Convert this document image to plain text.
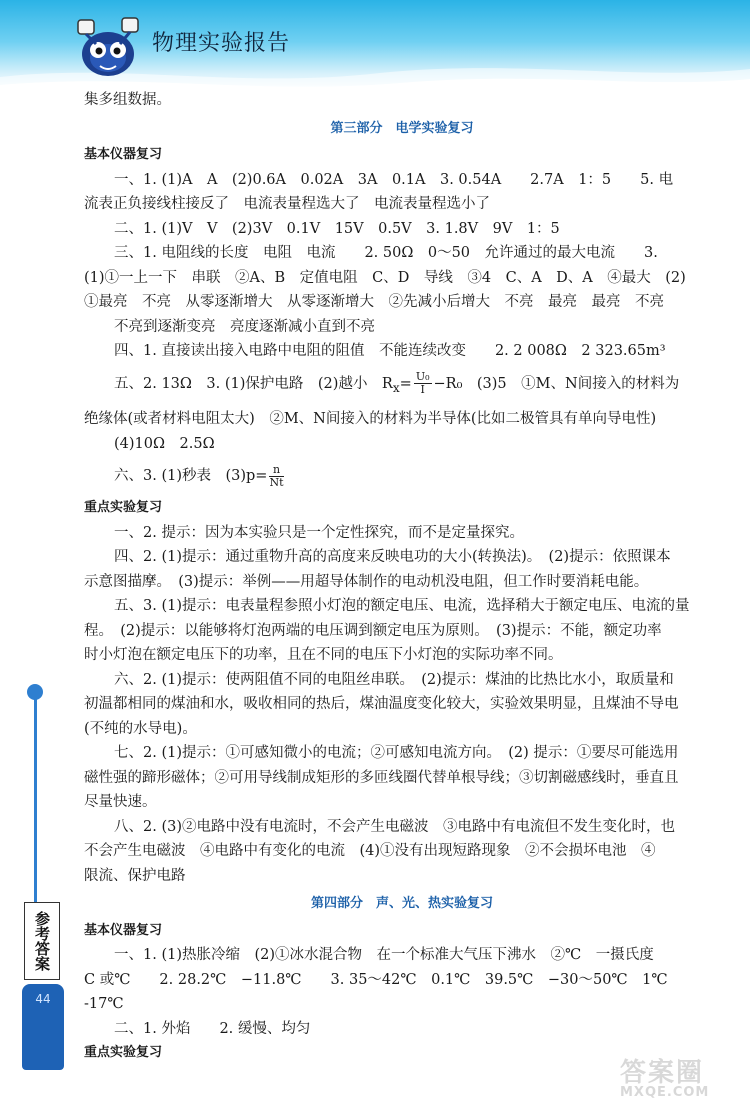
物理实验报告
集多组数据。
第三部分　电学实验复习
基本仪器复习
一、1. (1)A　A　(2)0.6A　0.02A　3A　0.1A　3. 0.54A　　2.7A　1：5　　5. 电
流表正负接线柱接反了　电流表量程选大了　电流表量程选小了
二、1. (1)V　V　(2)3V　0.1V　15V　0.5V　3. 1.8V　9V　1：5
三、1. 电阻线的长度　电阻　电流　　2. 50Ω　0～50　允许通过的最大电流　　3.
(1)①一上一下　串联　②A、B　定值电阻　C、D　导线　③4　C、A　D、A　④最大　(2)
①最亮　不亮　从零逐渐增大　从零逐渐增大　②先减小后增大　不亮　最亮　最亮　不亮
不亮到逐渐变亮　亮度逐渐减小直到不亮
四、1. 直接读出接入电路中电阻的阻值　不能连续改变　　2. 2 008Ω　2 323.65m³
五、2. 13Ω　3. (1)保护电路　(2)越小　$R_x= \frac{\text{U₀}}{I} -R_0$　(3)5　①M、N间接入的材料为
绝缘体(或者材料电阻太大)　②M、N间接入的材料为半导体(比如二极管具有单向导电性)
(4)10Ω　2.5Ω
六、3. (1)秒表　$(3)p= \frac{n}{Nt}$
重点实验复习
一、2. 提示：因为本实验只是一个定性探究，而不是定量探究。
四、2. (1)提示：通过重物升高的高度来反映电功的大小(转换法)。　(2)提示：依照课本
示意图描摩。　(3)提示：举例——用超导体制作的电动机没电阻，但工作时要消耗电能。
五、3. (1)提示：电表量程参照小灯泡的额定电压、电流，选择稍大于额定电压、电流的量
程。　(2)提示：以能够将灯泡两端的电压调到额定电压为原则。　(3)提示：不能，额定功率
时小灯泡在额定电压下的功率，且在不同的电压下小灯泡的实际功率不同。
六、2. (1)提示：使两阻值不同的电阻丝串联。　(2)提示：煤油的比热比水小，取质量和
初温都相同的煤油和水，吸收相同的热后，煤油温度变化较大，实验效果明显，且煤油不导电
(不纯的水导电)。
七、2. (1)提示：①可感知微小的电流；②可感知电流方向。　(2) 提示：①要尽可能选用
磁性强的蹄形磁体；②可用导线制成矩形的多匝线圈代替单根导线；③切割磁感线时，垂直且
尽量快速。
八、2. (3)②电路中没有电流时，不会产生电磁波　③电路中有电流但不发生变化时，也
不会产生电磁波　④电路中有变化的电流　(4)①没有出现短路现象　②不会损坏电池　④
限流、保护电路
第四部分　声、光、热实验复习
基本仪器复习
一、1. (1)热胀冷缩　(2)①冰水混合物　在一个标准大气压下沸水　②℃　一摄氏度
C 或℃　　2. 28.2℃　−11.8℃　　3. 35～42℃　0.1℃　39.5℃　−30～50℃　1℃
-17℃
二、1. 外焰　　2. 缓慢、均匀
重点实验复习
参考答案
44
答案圈
MXQE.COM
